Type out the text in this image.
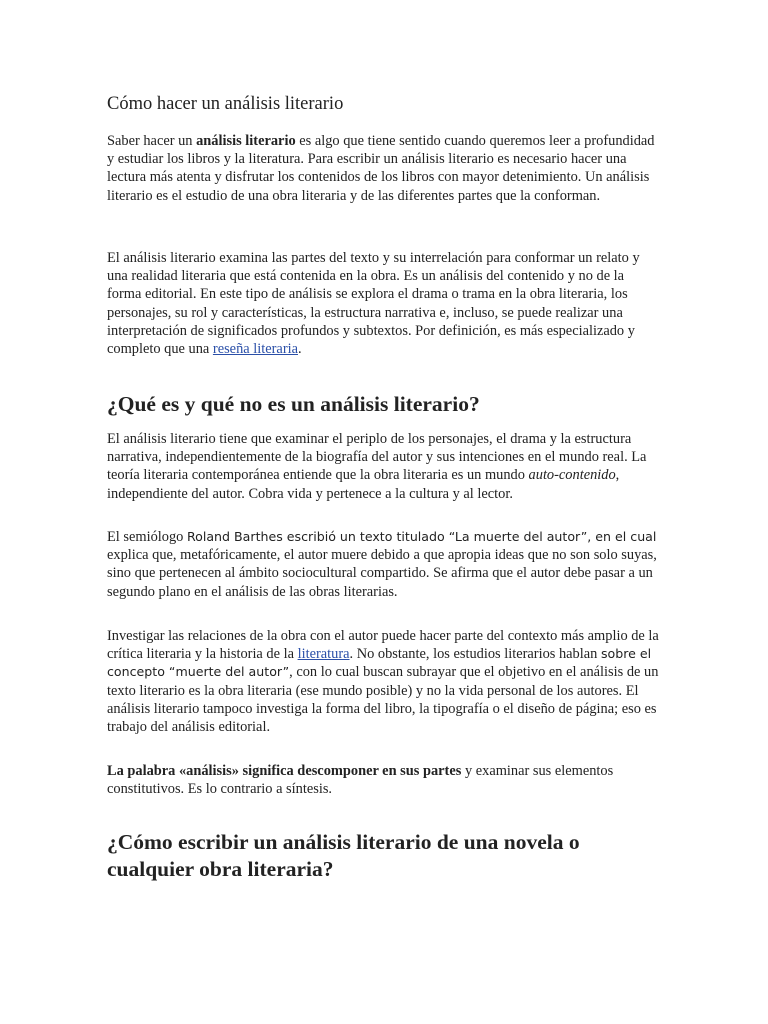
Cómo hacer un análisis literario

Saber hacer un análisis literario es algo que tiene sentido cuando queremos leer a profundidad y estudiar los libros y la literatura. Para escribir un análisis literario es necesario hacer una lectura más atenta y disfrutar los contenidos de los libros con mayor detenimiento. Un análisis literario es el estudio de una obra literaria y de las diferentes partes que la conforman.

El análisis literario examina las partes del texto y su interrelación para conformar un relato y una realidad literaria que está contenida en la obra. Es un análisis del contenido y no de la forma editorial. En este tipo de análisis se explora el drama o trama en la obra literaria, los personajes, su rol y características, la estructura narrativa e, incluso, se puede realizar una interpretación de significados profundos y subtextos. Por definición, es más especializado y completo que una reseña literaria.

¿Qué es y qué no es un análisis literario?

El análisis literario tiene que examinar el periplo de los personajes, el drama y la estructura narrativa, independientemente de la biografía del autor y sus intenciones en el mundo real. La teoría literaria contemporánea entiende que la obra literaria es un mundo auto-contenido, independiente del autor. Cobra vida y pertenece a la cultura y al lector.

El semiólogo Roland Barthes escribió un texto titulado “La muerte del autor”, en el cual explica que, metafóricamente, el autor muere debido a que apropia ideas que no son solo suyas, sino que pertenecen al ámbito sociocultural compartido. Se afirma que el autor debe pasar a un segundo plano en el análisis de las obras literarias.

Investigar las relaciones de la obra con el autor puede hacer parte del contexto más amplio de la crítica literaria y la historia de la literatura. No obstante, los estudios literarios hablan sobre el concepto “muerte del autor”, con lo cual buscan subrayar que el objetivo en el análisis de un texto literario es la obra literaria (ese mundo posible) y no la vida personal de los autores. El análisis literario tampoco investiga la forma del libro, la tipografía o el diseño de página; eso es trabajo del análisis editorial.

La palabra «análisis» significa descomponer en sus partes y examinar sus elementos constitutivos. Es lo contrario a síntesis.

¿Cómo escribir un análisis literario de una novela o cualquier obra literaria?
